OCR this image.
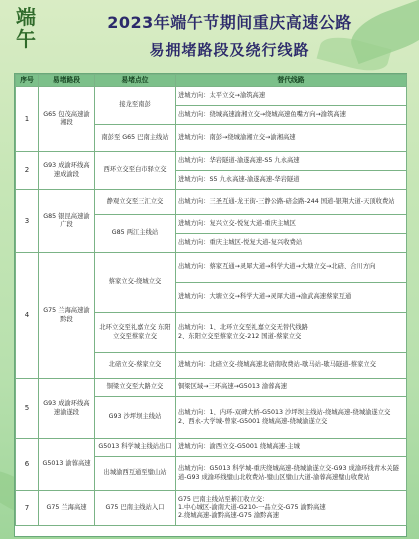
端午
2023年端午节期间重庆高速公路
易拥堵路段及绕行线路
序号	易堵路段	易堵点位	替代线路
1	G65 包茂高速渝湘段	接龙至南彭	进城方向：太平立交→渝筑高速
			出城方向：绕城高速渝湘立交→绕城高速鱼嘴方向→渝筑高速
		南彭至 G65 巴南主线站	进城方向：南彭→绕城渝湘立交→渝湘高速
2	G93 成渝环线高速成渝段	西环立交至白市驿立交	出城方向：华岩隧道-渝遂高速-S5 九永高速
			进城方向：S5 九永高速-渝遂高速-华岩隧道
3	G85 银昆高速渝广段	静观立交至三汇立交	出城方向：三圣互通-龙王街-三静公路-碚金路-244 国道-银翔大道-天顶收费站
		G85 两江主线站	进城方向：复兴立交-悦复大道-重庆主城区
			出城方向：重庆主城区-悦复大道-复兴收费站
4	G75 兰海高速渝黔段	蔡家立交-绕城立交	出城方向：蔡家互通→灵犀大道→科学大道→大塘立交→北碚、合川方向
			进城方向：大塘立交→科学大道→灵犀大道→渝武高速蔡家互通
		北环立交至礼嘉立交 东阳立交至蔡家立交	出城方向：1、北环立交至礼嘉立交无替代线路
2、东阳立交至蔡家立交-212 国道-蔡家立交
		北碚立交-蔡家立交	进城方向：北碚立交-绕城高速北碚南收费站-歇马站-歇马隧道-蔡家立交
5	G93 成渝环线高速渝遂段	铜梁立交至大路立交	铜梁区域→三环高速→G5013 渝蓉高速
		G93 沙坪坝主线站	出城方向：1、内环-双碑大桥-G5013 沙坪坝主线站-绕城高速-绕城渝遂立交
2、西永-大学城-曾家-G5001 绕城高速-绕城渝遂立交
6	G5013 渝蓉高速	G5013 科学城主线站出口	进城方向：渝西立交-G5001 绕城高速-主城
		出城渝西互通至璧山站	出城方向：G5013 科学城-重庆绕城高速-绕城渝遂立交-G93 成渝环线青木关隧道-G93 成渝环线璧山北收费站-璧山区璧山大道-渝蓉高速璧山收费站
7	G75 兰海高速	G75 巴南主线站入口	G75 巴南主线站至綦江收立交：
1.中心城区-渝南大道-G210-一品立交-G75 渝黔高速
2.绕城高速-渝黔高速-G75 渝黔高速
